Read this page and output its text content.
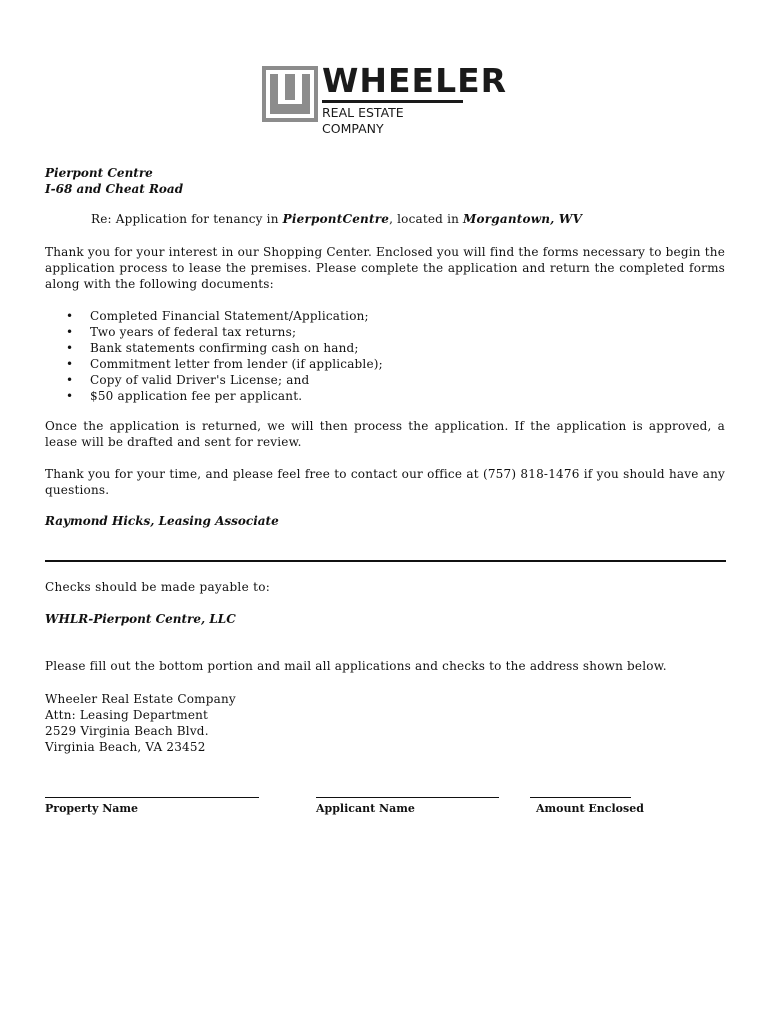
WHEELER
REAL ESTATE COMPANY
Pierpont Centre
I-68 and Cheat Road
Re: Application for tenancy in PierpontCentre, located in Morgantown, WV
Thank you for your interest in our Shopping Center. Enclosed you will find the forms necessary to begin the application process to lease the premises. Please complete the application and return the completed forms along with the following documents:
• Completed Financial Statement/Application;
• Two years of federal tax returns;
• Bank statements confirming cash on hand;
• Commitment letter from lender (if applicable);
• Copy of valid Driver's License; and
• $50 application fee per applicant.
Once the application is returned, we will then process the application. If the application is approved, a lease will be drafted and sent for review.
Thank you for your time, and please feel free to contact our office at (757) 818-1476 if you should have any questions.
Raymond Hicks, Leasing Associate
Checks should be made payable to:
WHLR-Pierpont Centre, LLC
Please fill out the bottom portion and mail all applications and checks to the address shown below.
Wheeler Real Estate Company
Attn: Leasing Department
2529 Virginia Beach Blvd.
Virginia Beach, VA 23452
Property Name	Applicant Name	Amount Enclosed
